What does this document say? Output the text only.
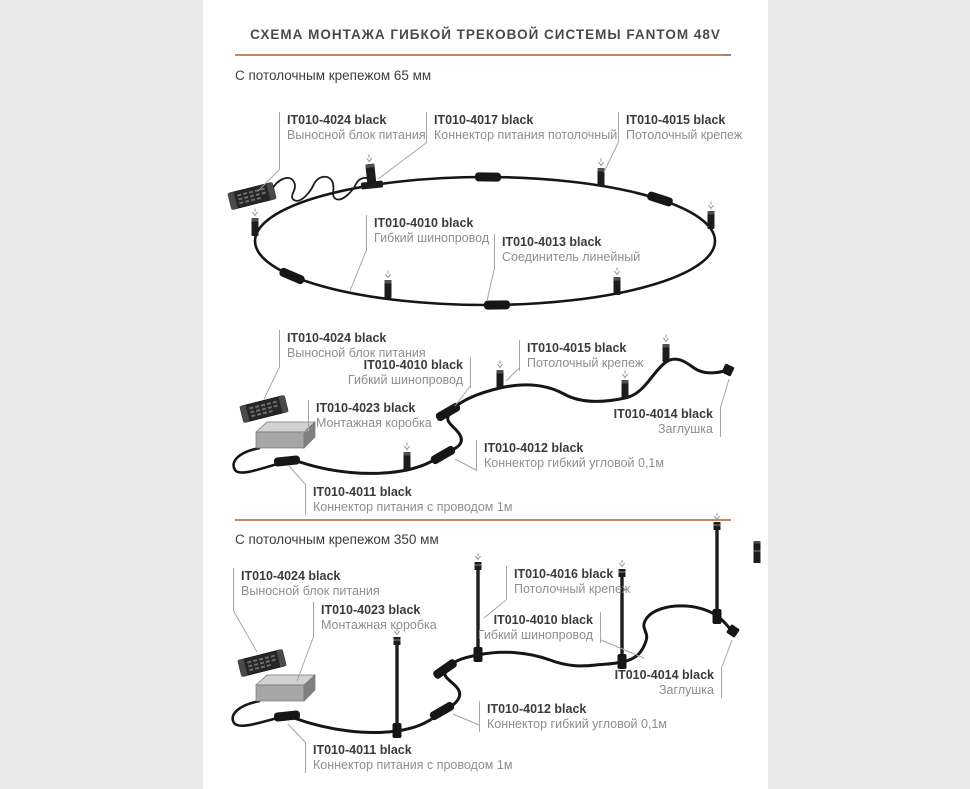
СХЕМА МОНТАЖА ГИБКОЙ ТРЕКОВОЙ СИСТЕМЫ FANTOM 48V
С потолочным крепежом 65 мм
С потолочным крепежом 350 мм
IT010-4024 black
Выносной блок питания
IT010-4017 black
Коннектор питания потолочный
IT010-4015 black
Потолочный крепеж
IT010-4010 black
Гибкий шинопровод IT010-4013 black
Соединитель линейный
IT010-4024 black
Выносной блок питания
IT010-4010 black
Гибкий шинопровод
IT010-4015 black
Потолочный крепеж
IT010-4023 black
Монтажная коробка
IT010-4014 black
Заглушка
IT010-4012 black
Коннектор гибкий угловой 0,1м
IT010-4011 black
Коннектор питания с проводом 1м
IT010-4024 black
Выносной блок питания
IT010-4023 black
Монтажная коробка
IT010-4016 black
Потолочный крепеж
IT010-4010 black
Гибкий шинопровод
IT010-4014 black
Заглушка
IT010-4012 black
Коннектор гибкий угловой 0,1м
IT010-4011 black
Коннектор питания с проводом 1м
